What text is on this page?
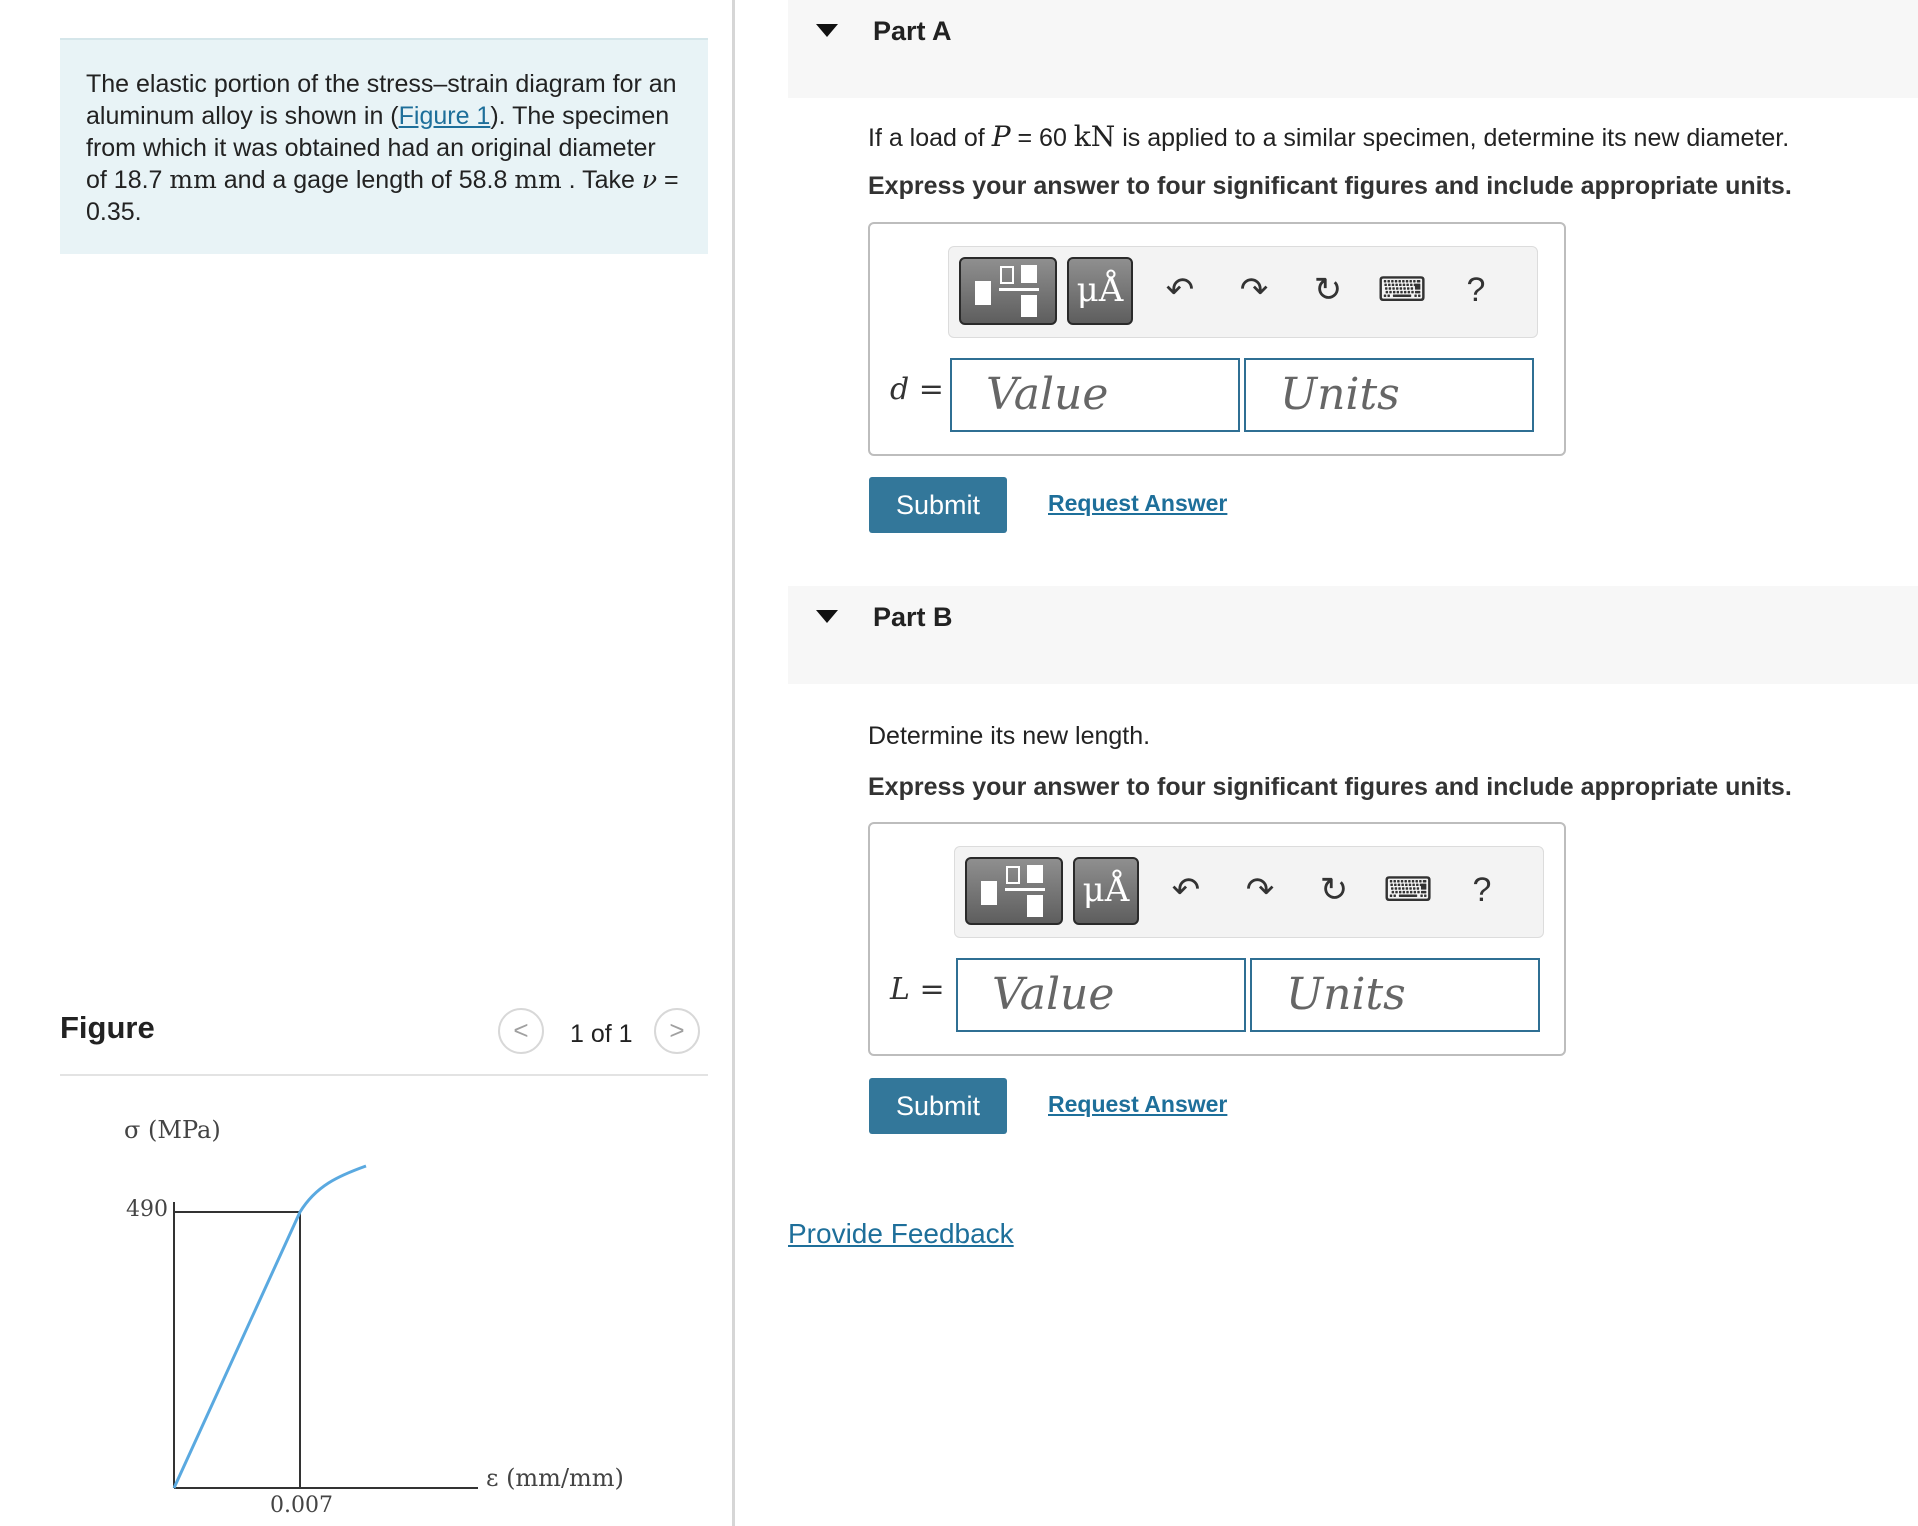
The elastic portion of the stress–strain diagram for an aluminum alloy is shown in (Figure 1). The specimen from which it was obtained had an original diameter of 18.7 mm and a gage length of 58.8 mm . Take ν = 0.35.
Figure	<	1 of 1	>
σ (MPa)
490
0.007
ε (mm/mm)
Part A
If a load of P = 60 kN is applied to a similar specimen, determine its new diameter.
Express your answer to four significant figures and include appropriate units.
μÅ	↶	↷	↻	⌨	?
d = Value	Units
Submit	Request Answer
Part B
Determine its new length.
Express your answer to four significant figures and include appropriate units.
μÅ	↶	↷	↻	⌨	?
L =	Value	Units
Submit	Request Answer
Provide Feedback
